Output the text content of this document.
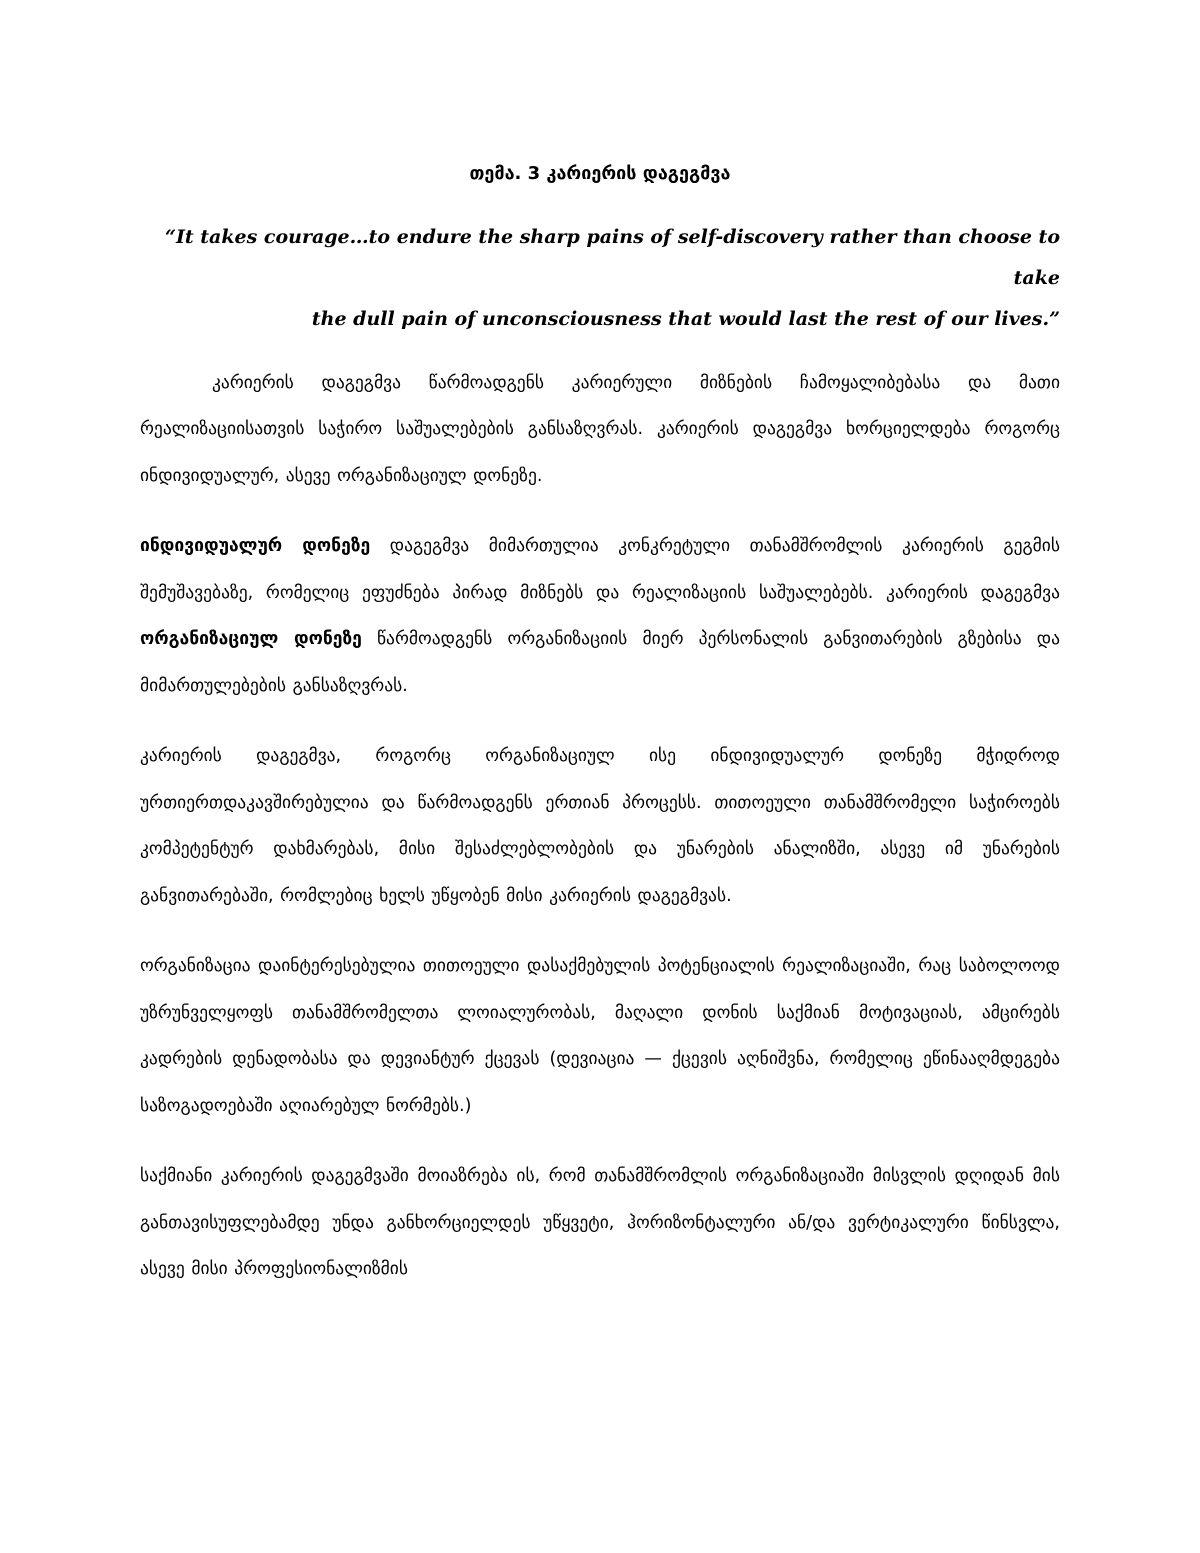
თემა. 3 კარიერის დაგეგმვა
“It takes courage…to endure the sharp pains of self-discovery rather than choose to take
the dull pain of unconsciousness that would last the rest of our lives.”

კარიერის დაგეგმვა წარმოადგენს კარიერული მიზნების ჩამოყალიბებასა და მათი რეალიზაციისათვის საჭირო საშუალებების განსაზღვრას. კარიერის დაგეგმვა ხორციელდება როგორც ინდივიდუალურ, ასევე ორგანიზაციულ დონეზე.

ინდივიდუალურ დონეზე დაგეგმვა მიმართულია კონკრეტული თანამშრომლის კარიერის გეგმის შემუშავებაზე, რომელიც ეფუძნება პირად მიზნებს და რეალიზაციის საშუალებებს. კარიერის დაგეგმვა ორგანიზაციულ დონეზე წარმოადგენს ორგანიზაციის მიერ პერსონალის განვითარების გზებისა და მიმართულებების განსაზღვრას.

კარიერის დაგეგმვა, როგორც ორგანიზაციულ ისე ინდივიდუალურ დონეზე მჭიდროდ ურთიერთდაკავშირებულია და წარმოადგენს ერთიან პროცესს. თითოეული თანამშრომელი საჭიროებს კომპეტენტურ დახმარებას, მისი შესაძლებლობების და უნარების ანალიზში, ასევე იმ უნარების განვითარებაში, რომლებიც ხელს უწყობენ მისი კარიერის დაგეგმვას.

ორგანიზაცია დაინტერესებულია თითოეული დასაქმებულის პოტენციალის რეალიზაციაში, რაც საბოლოოდ უზრუნველყოფს თანამშრომელთა ლოიალურობას, მაღალი დონის საქმიან მოტივაციას, ამცირებს კადრების დენადობასა და დევიანტურ ქცევას (დევიაცია — ქცევის აღნიშვნა, რომელიც ეწინააღმდეგება საზოგადოებაში აღიარებულ ნორმებს.)

საქმიანი კარიერის დაგეგმვაში მოიაზრება ის, რომ თანამშრომლის ორგანიზაციაში მისვლის დღიდან მის განთავისუფლებამდე უნდა განხორციელდეს უწყვეტი, ჰორიზონტალური ან/და ვერტიკალური წინსვლა, ასევე მისი პროფესიონალიზმის
